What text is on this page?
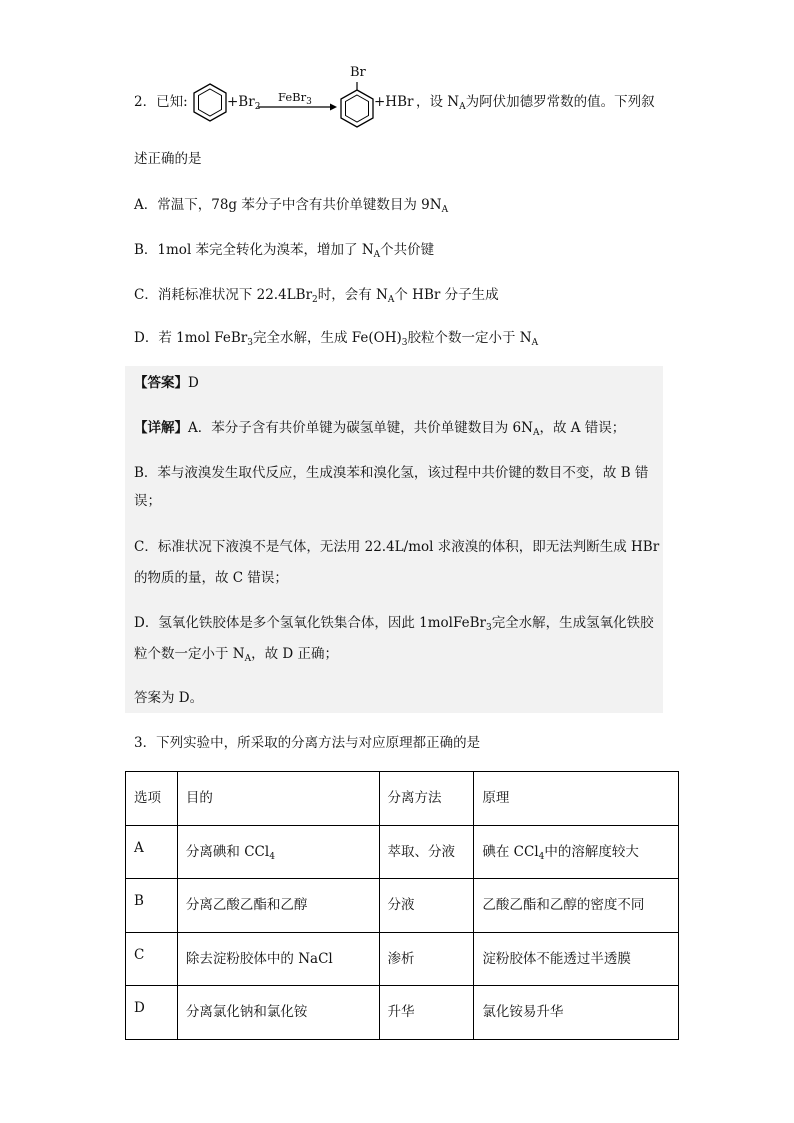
2．已知:	$+Br_2$
FeBr$_3$
Br
+HBr ，设 $N_A$为阿伏加德罗常数的值。下列叙
述正确的是
A．常温下，78g 苯分子中含有共价单键数目为 $9N_A$
B．1mol 苯完全转化为溴苯，增加了 $N_A$个共价键
C．消耗标准状况下 22.4LBr$_2$时，会有 $N_A$个 HBr 分子生成
D．若 1mol FeBr$_3$完全水解，生成 $Fe(OH)_3$胶粒个数一定小于 $N_A$
【答案】D
【详解】A．苯分子含有共价单键为碳氢单键，共价单键数目为 $6N_A$，故 A 错误；
B．苯与液溴发生取代反应，生成溴苯和溴化氢，该过程中共价键的数目不变，故 B 错
误；
C．标准状况下液溴不是气体，无法用 22.4L/mol 求液溴的体积，即无法判断生成 HBr
的物质的量，故 C 错误；
D．氢氧化铁胶体是多个氢氧化铁集合体，因此 1molFeBr$_3$完全水解，生成氢氧化铁胶
粒个数一定小于 $N_A$，故 D 正确；
答案为 D。
3．下列实验中，所采取的分离方法与对应原理都正确的是
选项	目的	分离方法	原理
A	分离碘和 CCl$_4$	萃取、分液	碘在 CCl$_4$中的溶解度较大
B	分离乙酸乙酯和乙醇	分液	乙酸乙酯和乙醇的密度不同
C	除去淀粉胶体中的 NaCl	渗析	淀粉胶体不能透过半透膜
D	分离氯化钠和氯化铵	升华	氯化铵易升华
